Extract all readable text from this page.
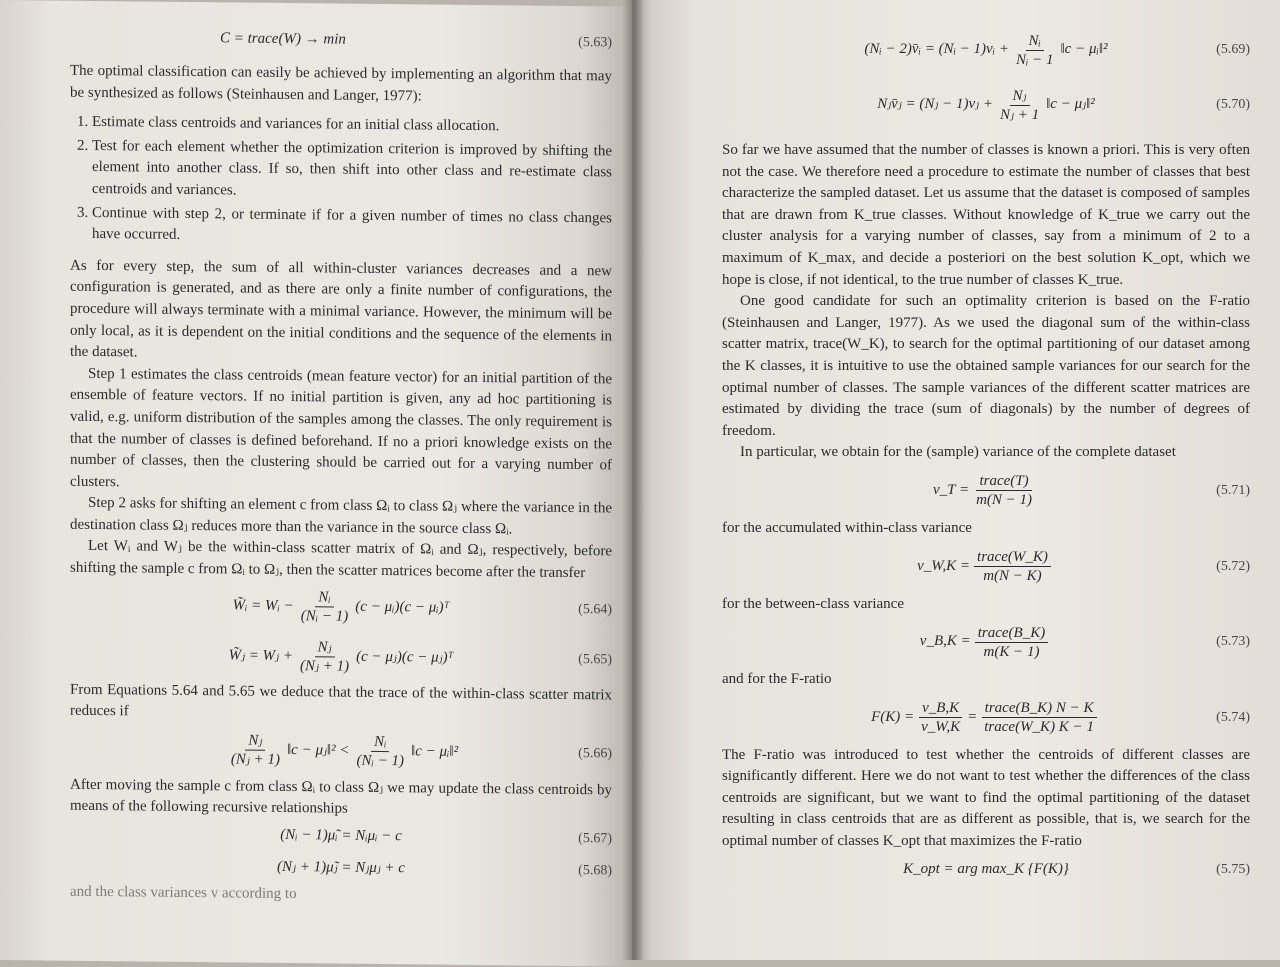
C = trace(W) → min	(5.63)

The optimal classification can easily be achieved by implementing an algorithm that may be synthesized as follows (Steinhausen and Langer, 1977):

1. Estimate class centroids and variances for an initial class allocation.
2. Test for each element whether the optimization criterion is improved by shifting the element into another class. If so, then shift into other class and re-estimate class centroids and variances.
3. Continue with step 2, or terminate if for a given number of times no class changes have occurred.

As for every step, the sum of all within-cluster variances decreases and a new configuration is generated, and as there are only a finite number of configurations, the procedure will always terminate with a minimal variance. However, the minimum will be only local, as it is dependent on the initial conditions and the sequence of the elements in the dataset.

Step 1 estimates the class centroids (mean feature vector) for an initial partition of the ensemble of feature vectors. If no initial partition is given, any ad hoc partitioning is valid, e.g. uniform distribution of the samples among the classes. The only requirement is that the number of classes is defined beforehand. If no a priori knowledge exists on the number of classes, then the clustering should be carried out for a varying number of clusters.

Step 2 asks for shifting an element c from class Ωᵢ to class Ωⱼ where the variance in the destination class Ωⱼ reduces more than the variance in the source class Ωᵢ.

Let Wᵢ and Wⱼ be the within-class scatter matrix of Ωᵢ and Ωⱼ, respectively, before shifting the sample c from Ωᵢ to Ωⱼ, then the scatter matrices become after the transfer

W̃ᵢ = Wᵢ − $\frac{\text{Nᵢ}}{\text{(Nᵢ − 1)}} (c$ − μᵢ)(c − μᵢ)ᵀ	(5.64)
W̃ⱼ = Wⱼ + $\frac{\text{Nⱼ}}{\text{(Nⱼ + 1)}} (c$ − μⱼ)(c − μⱼ)ᵀ	(5.65)

From Equations 5.64 and 5.65 we deduce that the trace of the within-class scatter matrix reduces if

$\frac{\text{Nⱼ}}{\text{(Nⱼ + 1)}}$ ‖c − μⱼ‖² < $\frac{\text{Nᵢ}}{\text{(Nᵢ − 1)}}$ ‖c − μᵢ‖²	(5.66)

After moving the sample c from class Ωᵢ to class Ωⱼ we may update the class centroids by means of the following recursive relationships

(Nᵢ − 1)μ̃ᵢ = Nᵢμᵢ − c	(5.67)
(Nⱼ + 1)μ̃ⱼ = Nⱼμⱼ + c	(5.68)

and the class variances v according to

(Nᵢ − 2)v̄ᵢ = (Nᵢ − 1)vᵢ + $\frac{\text{Nᵢ}}{\text{Nᵢ − 1}}$ ‖c − μᵢ‖²	(5.69)
Nⱼv̄ⱼ = (Nⱼ − 1)vⱼ + $\frac{\text{Nⱼ}}{\text{Nⱼ + 1}}$ ‖c − μⱼ‖²	(5.70)

So far we have assumed that the number of classes is known a priori. This is very often not the case. We therefore need a procedure to estimate the number of classes that best characterize the sampled dataset. Let us assume that the dataset is composed of samples that are drawn from K_true classes. Without knowledge of K_true we carry out the cluster analysis for a varying number of classes, say from a minimum of 2 to a maximum of K_max, and decide a posteriori on the best solution K_opt, which we hope is close, if not identical, to the true number of classes K_true.

One good candidate for such an optimality criterion is based on the F-ratio (Steinhausen and Langer, 1977). As we used the diagonal sum of the within-class scatter matrix, trace(W_K), to search for the optimal partitioning of our dataset among the K classes, it is intuitive to use the obtained sample variances for our search for the optimal number of classes. The sample variances of the different scatter matrices are estimated by dividing the trace (sum of diagonals) by the number of degrees of freedom.

In particular, we obtain for the (sample) variance of the complete dataset

v_T = $\frac{\text{trace(T)}}{m(N - 1)}$	(5.71)

for the accumulated within-class variance

v_W,K = $\frac{\text{trace(W\_K)}}{m(N - K)}$	(5.72)

for the between-class variance

v_B,K = $\frac{\text{trace(B\_K)}}{m(K - 1)}$	(5.73)

and for the F-ratio

$F(K) = \frac{v\_B,K}{v\_W,K} = \frac{\text{trace(B\_K) N − K}}{\text{trace(W\_K) K − 1}}$	(5.74)

The F-ratio was introduced to test whether the centroids of different classes are significantly different. Here we do not want to test whether the differences of the class centroids are significant, but we want to find the optimal partitioning of the dataset resulting in class centroids that are as different as possible, that is, we search for the optimal number of classes K_opt that maximizes the F-ratio

K_opt = arg max_K {F(K)}	(5.75)
